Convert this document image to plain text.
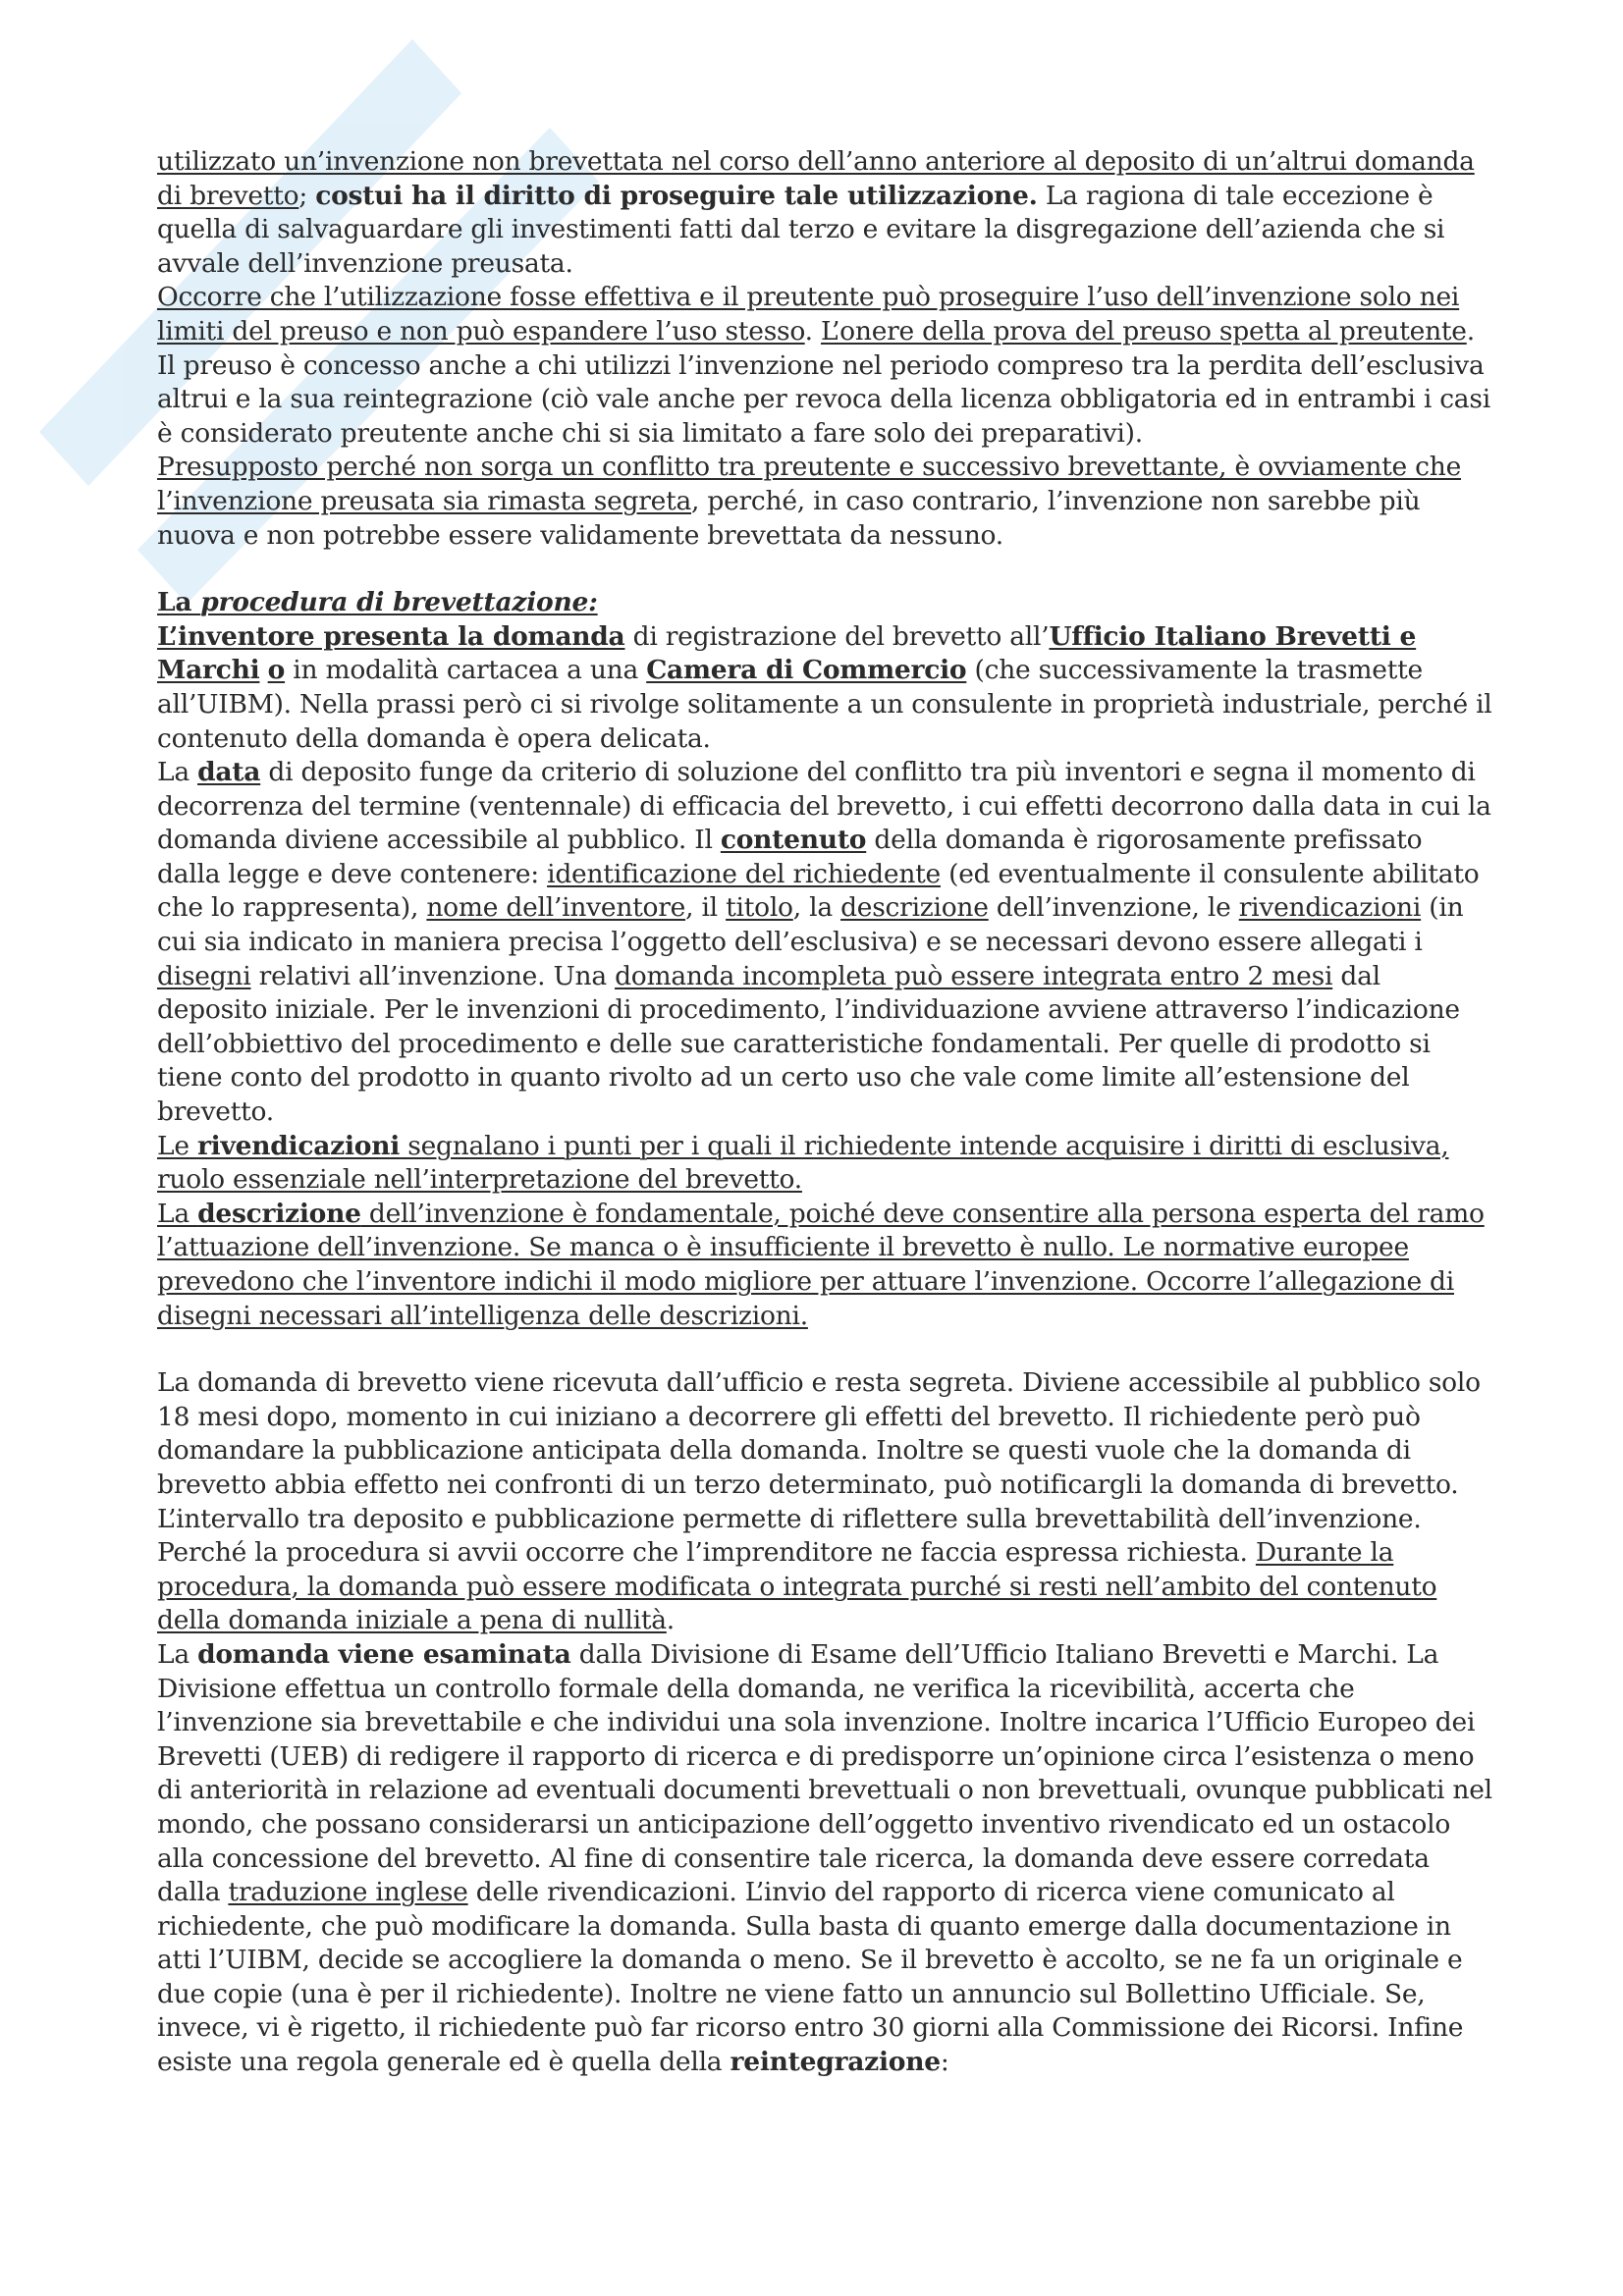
utilizzato un’invenzione non brevettata nel corso dell’anno anteriore al deposito di un’altrui domanda di brevetto; costui ha il diritto di proseguire tale utilizzazione. La ragiona di tale eccezione è quella di salvaguardare gli investimenti fatti dal terzo e evitare la disgregazione dell’azienda che si avvale dell’invenzione preusata.

Occorre che l’utilizzazione fosse effettiva e il preutente può proseguire l’uso dell’invenzione solo nei limiti del preuso e non può espandere l’uso stesso. L’onere della prova del preuso spetta al preutente. Il preuso è concesso anche a chi utilizzi l’invenzione nel periodo compreso tra la perdita dell’esclusiva altrui e la sua reintegrazione (ciò vale anche per revoca della licenza obbligatoria ed in entrambi i casi è considerato preutente anche chi si sia limitato a fare solo dei preparativi).

Presupposto perché non sorga un conflitto tra preutente e successivo brevettante, è ovviamente che l’invenzione preusata sia rimasta segreta, perché, in caso contrario, l’invenzione non sarebbe più nuova e non potrebbe essere validamente brevettata da nessuno.

La procedura di brevettazione:

L’inventore presenta la domanda di registrazione del brevetto all’Ufficio Italiano Brevetti e Marchi o in modalità cartacea a una Camera di Commercio (che successivamente la trasmette all’UIBM). Nella prassi però ci si rivolge solitamente a un consulente in proprietà industriale, perché il contenuto della domanda è opera delicata.

La data di deposito funge da criterio di soluzione del conflitto tra più inventori e segna il momento di decorrenza del termine (ventennale) di efficacia del brevetto, i cui effetti decorrono dalla data in cui la domanda diviene accessibile al pubblico. Il contenuto della domanda è rigorosamente prefissato dalla legge e deve contenere: identificazione del richiedente (ed eventualmente il consulente abilitato che lo rappresenta), nome dell’inventore, il titolo, la descrizione dell’invenzione, le rivendicazioni (in cui sia indicato in maniera precisa l’oggetto dell’esclusiva) e se necessari devono essere allegati i disegni relativi all’invenzione. Una domanda incompleta può essere integrata entro 2 mesi dal deposito iniziale. Per le invenzioni di procedimento, l’individuazione avviene attraverso l’indicazione dell’obbiettivo del procedimento e delle sue caratteristiche fondamentali. Per quelle di prodotto si tiene conto del prodotto in quanto rivolto ad un certo uso che vale come limite all’estensione del brevetto.

Le rivendicazioni segnalano i punti per i quali il richiedente intende acquisire i diritti di esclusiva, ruolo essenziale nell’interpretazione del brevetto.

La descrizione dell’invenzione è fondamentale, poiché deve consentire alla persona esperta del ramo l’attuazione dell’invenzione. Se manca o è insufficiente il brevetto è nullo. Le normative europee prevedono che l’inventore indichi il modo migliore per attuare l’invenzione. Occorre l’allegazione di disegni necessari all’intelligenza delle descrizioni.

La domanda di brevetto viene ricevuta dall’ufficio e resta segreta. Diviene accessibile al pubblico solo 18 mesi dopo, momento in cui iniziano a decorrere gli effetti del brevetto. Il richiedente però può domandare la pubblicazione anticipata della domanda. Inoltre se questi vuole che la domanda di brevetto abbia effetto nei confronti di un terzo determinato, può notificargli la domanda di brevetto.

L’intervallo tra deposito e pubblicazione permette di riflettere sulla brevettabilità dell’invenzione. Perché la procedura si avvii occorre che l’imprenditore ne faccia espressa richiesta. Durante la procedura, la domanda può essere modificata o integrata purché si resti nell’ambito del contenuto della domanda iniziale a pena di nullità.

La domanda viene esaminata dalla Divisione di Esame dell’Ufficio Italiano Brevetti e Marchi. La Divisione effettua un controllo formale della domanda, ne verifica la ricevibilità, accerta che l’invenzione sia brevettabile e che individui una sola invenzione. Inoltre incarica l’Ufficio Europeo dei Brevetti (UEB) di redigere il rapporto di ricerca e di predisporre un’opinione circa l’esistenza o meno di anteriorità in relazione ad eventuali documenti brevettuali o non brevettuali, ovunque pubblicati nel mondo, che possano considerarsi un anticipazione dell’oggetto inventivo rivendicato ed un ostacolo alla concessione del brevetto. Al fine di consentire tale ricerca, la domanda deve essere corredata dalla traduzione inglese delle rivendicazioni. L’invio del rapporto di ricerca viene comunicato al richiedente, che può modificare la domanda. Sulla basta di quanto emerge dalla documentazione in atti l’UIBM, decide se accogliere la domanda o meno. Se il brevetto è accolto, se ne fa un originale e due copie (una è per il richiedente). Inoltre ne viene fatto un annuncio sul Bollettino Ufficiale. Se, invece, vi è rigetto, il richiedente può far ricorso entro 30 giorni alla Commissione dei Ricorsi. Infine esiste una regola generale ed è quella della reintegrazione:
